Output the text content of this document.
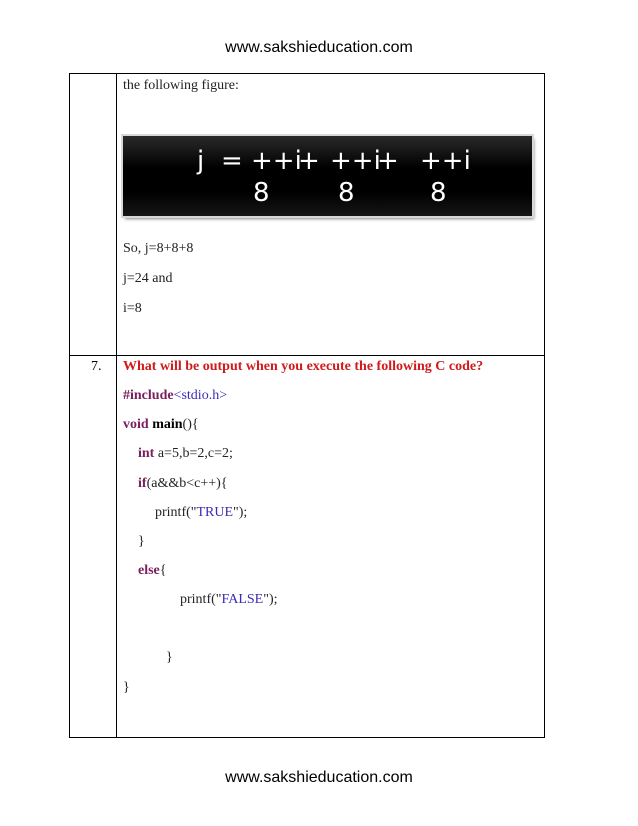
www.sakshieducation.com
the following figure:
j = ++i
+ ++i
+ ++i
8	8	8
So, j=8+8+8
j=24 and
i=8
7. What will be output when you execute the following C code?
#include<stdio.h>
void main(){
int a=5,b=2,c=2;
if(a&&b<c++){
printf("TRUE");
}
else{
printf("FALSE");
}
}
www.sakshieducation.com
